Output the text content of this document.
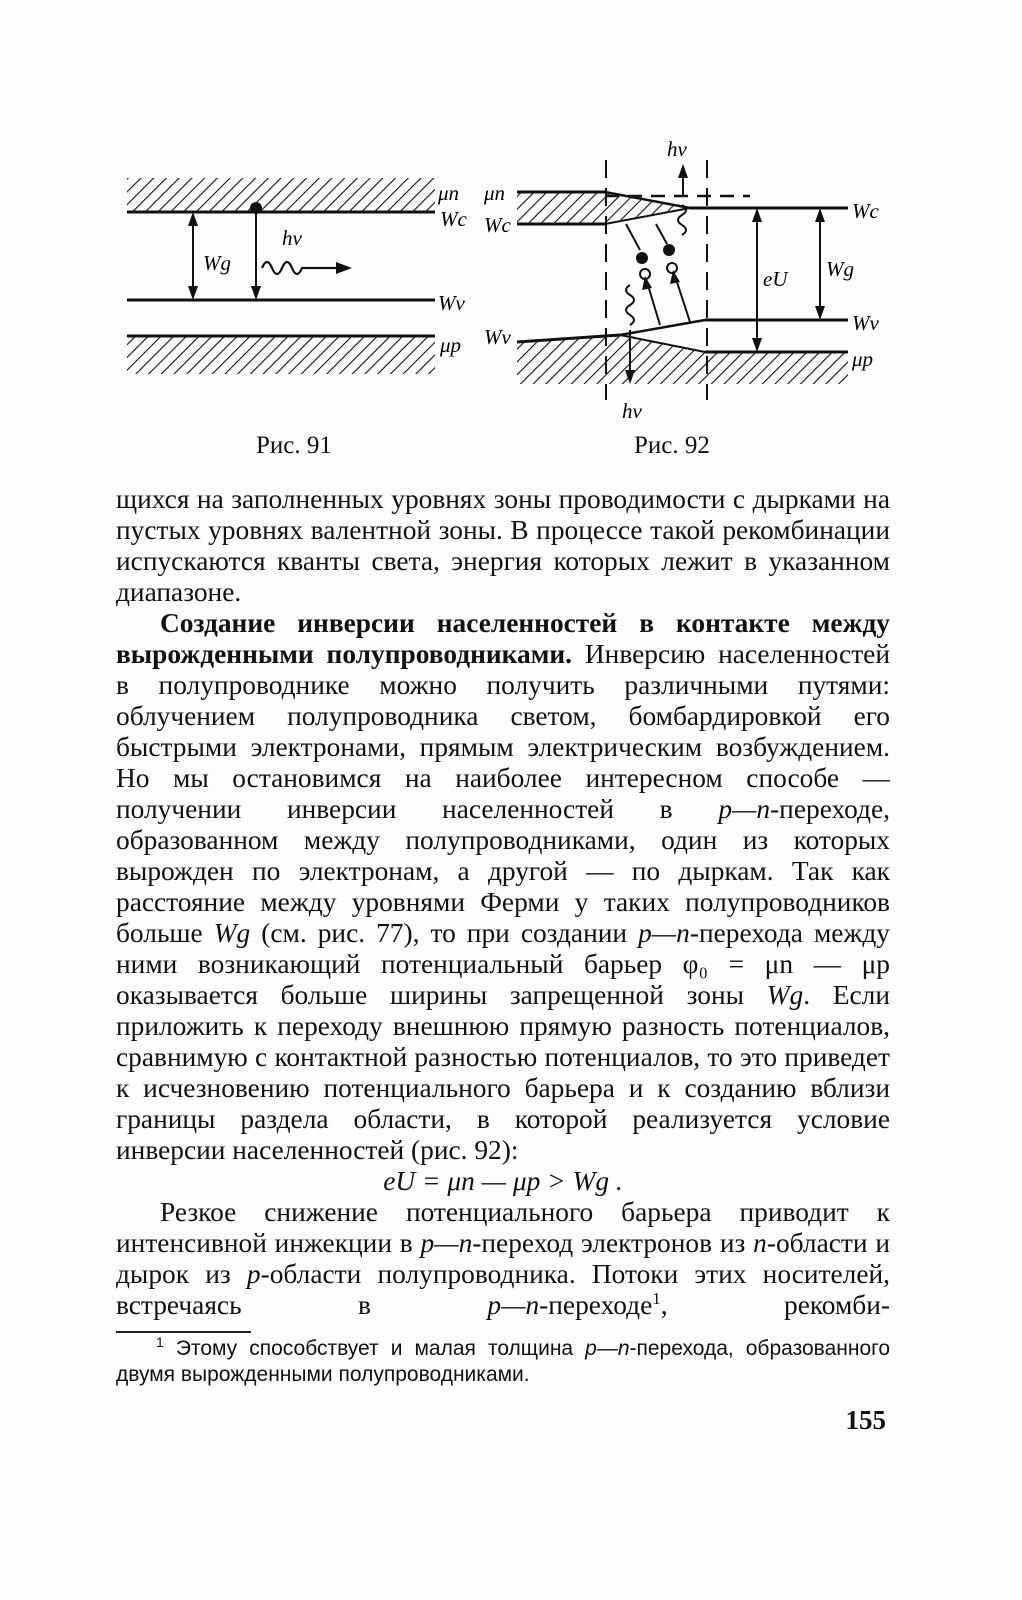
μn
Wc
Wg
hν
Wv
μp
hν
hν
μn
Wc
Wv
Wc
eU Wg
Wv
μp
Рис. 91	Рис. 92

щихся на заполненных уровнях зоны проводимости с дырками на пустых уровнях валентной зоны. В процессе такой рекомбинации испускаются кванты света, энергия которых лежит в указанном диапазоне.

Создание инверсии населенностей в контакте между вырожденными полупроводниками. Инверсию населенностей в полупроводнике можно получить различными путями: облучением полупроводника светом, бомбардировкой его быстрыми электронами, прямым электрическим возбуждением. Но мы остановимся на наиболее интересном способе — получении инверсии населенностей в p—n-переходе, образованном между полупроводниками, один из которых вырожден по электронам, а другой — по дыркам. Так как расстояние между уровнями Ферми у таких полупроводников больше Wg (см. рис. 77), то при создании p—n-перехода между ними возникающий потенциальный барьер φ₀ = μn — μp оказывается больше ширины запрещенной зоны Wg. Если приложить к переходу внешнюю прямую разность потенциалов, сравнимую с контактной разностью потенциалов, то это приведет к исчезновению потенциального барьера и к созданию вблизи границы раздела области, в которой реализуется условие инверсии населенностей (рис. 92):

eU = μn — μp > Wg .

Резкое снижение потенциального барьера приводит к интенсивной инжекции в p—n-переход электронов из n-области и дырок из p-области полупроводника. Потоки этих носителей, встречаясь в p—n-переходе$^1$, рекомби-

$^1$ Этому способствует и малая толщина p—n-перехода, образованного двумя вырожденными полупроводниками.

155
